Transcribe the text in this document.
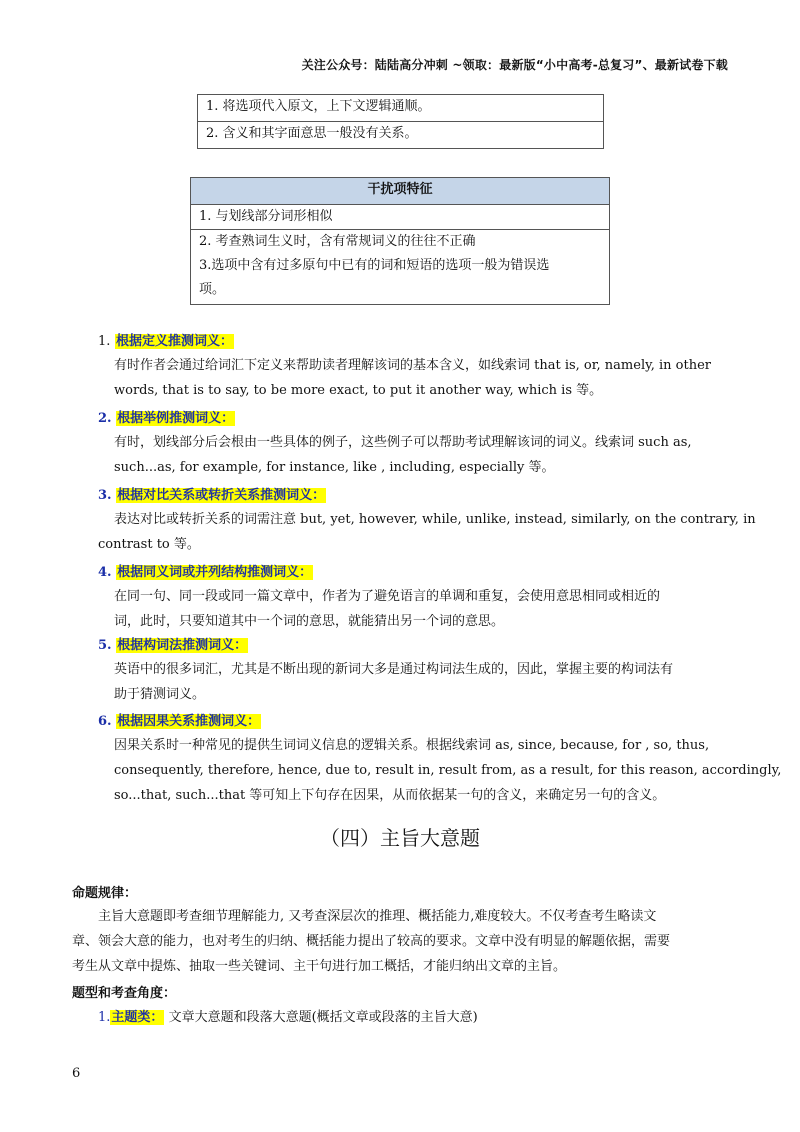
关注公众号：陆陆高分冲刺 ~领取：最新版“小中高考-总复习”、最新试卷下载
1. 将选项代入原文，上下文逻辑通顺。
2. 含义和其字面意思一般没有关系。
干扰项特征
1. 与划线部分词形相似
2. 考查熟词生义时，含有常规词义的往往不正确
3.选项中含有过多原句中已有的词和短语的选项一般为错误选
项。
1. 根据定义推测词义：
有时作者会通过给词汇下定义来帮助读者理解该词的基本含义，如线索词 that is, or, namely, in other
words, that is to say, to be more exact, to put it another way, which is 等。
2. 根据举例推测词义：
有时，划线部分后会根由一些具体的例子，这些例子可以帮助考试理解该词的词义。线索词 such as,
such...as, for example, for instance, like , including, especially 等。
3. 根据对比关系或转折关系推测词义：
表达对比或转折关系的词需注意 but, yet, however, while, unlike, instead, similarly, on the contrary, in
contrast to 等。
4. 根据同义词或并列结构推测词义：
在同一句、同一段或同一篇文章中，作者为了避免语言的单调和重复，会使用意思相同或相近的
词，此时，只要知道其中一个词的意思，就能猜出另一个词的意思。
5. 根据构词法推测词义：
英语中的很多词汇，尤其是不断出现的新词大多是通过构词法生成的，因此，掌握主要的构词法有
助于猜测词义。
6. 根据因果关系推测词义：
因果关系时一种常见的提供生词词义信息的逻辑关系。根据线索词 as, since, because, for , so, thus,
consequently, therefore, hence, due to, result in, result from, as a result, for this reason, accordingly,
so...that, such...that 等可知上下句存在因果，从而依据某一句的含义，来确定另一句的含义。
（四）主旨大意题
命题规律：
主旨大意题即考查细节理解能力, 又考查深层次的推理、概括能力,难度较大。不仅考查考生略读文
章、领会大意的能力，也对考生的归纳、概括能力提出了较高的要求。文章中没有明显的解题依据，需要
考生从文章中提炼、抽取一些关键词、主干句进行加工概括，才能归纳出文章的主旨。
题型和考查角度：
1.主题类： 文章大意题和段落大意题(概括文章或段落的主旨大意)
6
